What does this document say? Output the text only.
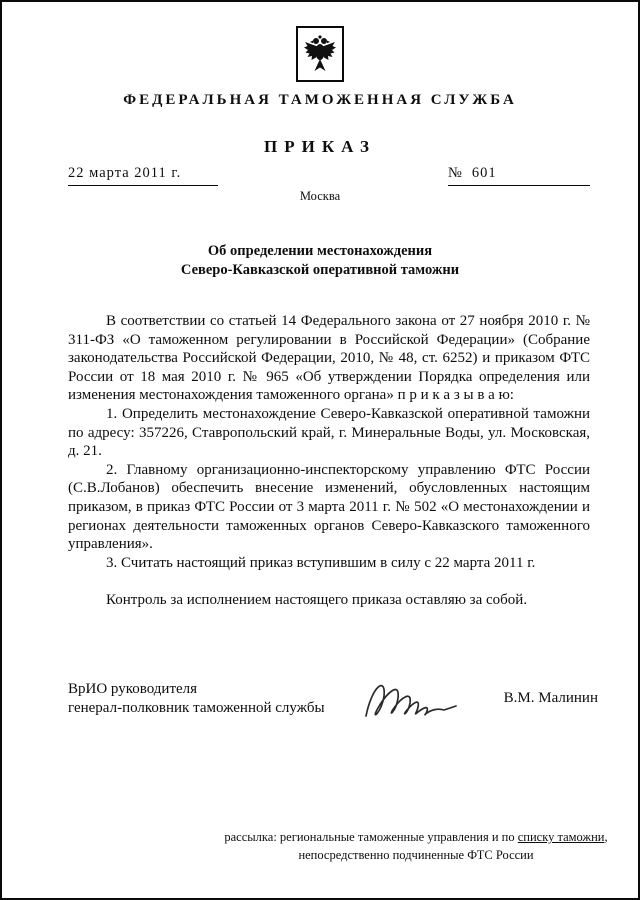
ФЕДЕРАЛЬНАЯ ТАМОЖЕННАЯ СЛУЖБА
ПРИКАЗ
22 марта 2011 г.	№ 601
Москва
Об определении местонахождения
Северо-Кавказской оперативной таможни

В соответствии со статьей 14 Федерального закона от 27 ноября 2010 г. № 311-ФЗ «О таможенном регулировании в Российской Федерации» (Собрание законодательства Российской Федерации, 2010, № 48, ст. 6252) и приказом ФТС России от 18 мая 2010 г. № 965 «Об утверждении Порядка определения или изменения местонахождения таможенного органа» п р и к а з ы в а ю:

1. Определить местонахождение Северо-Кавказской оперативной таможни по адресу: 357226, Ставропольский край, г. Минеральные Воды, ул. Московская, д. 21.

2. Главному организационно-инспекторскому управлению ФТС России (С.В.Лобанов) обеспечить внесение изменений, обусловленных настоящим приказом, в приказ ФТС России от 3 марта 2011 г. № 502 «О местонахождении и регионах деятельности таможенных органов Северо-Кавказского таможенного управления».

3. Считать настоящий приказ вступившим в силу с 22 марта 2011 г.

Контроль за исполнением настоящего приказа оставляю за собой.

ВрИО руководителя
генерал-полковник таможенной службы
В.М. Малинин
рассылка: региональные таможенные управления и по списку таможни,
непосредственно подчиненные ФТС России
